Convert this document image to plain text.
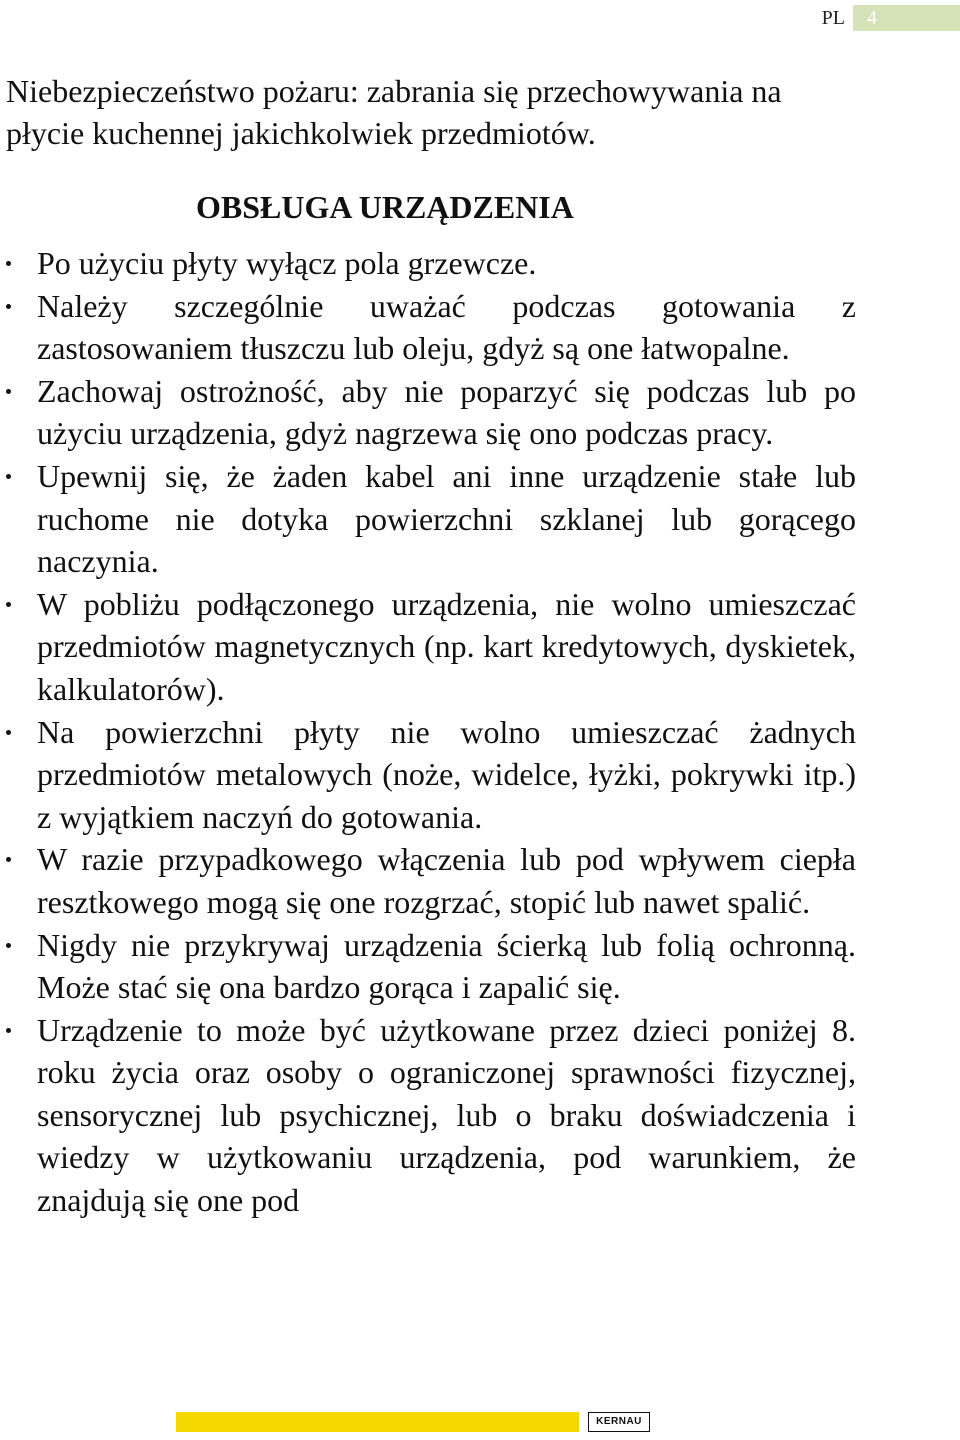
PL	4

Niebezpieczeństwo pożaru: zabrania się przechowywania na płycie kuchennej jakichkolwiek przedmiotów.

OBSŁUGA URZĄDZENIA
Po użyciu płyty wyłącz pola grzewcze.
Należy szczególnie uważać podczas gotowania z zastosowaniem tłuszczu lub oleju, gdyż są one łatwopalne.
Zachowaj ostrożność, aby nie poparzyć się podczas lub po użyciu urządzenia, gdyż nagrzewa się ono podczas pracy.
Upewnij się, że żaden kabel ani inne urządzenie stałe lub ruchome nie dotyka powierzchni szklanej lub gorącego naczynia.
W pobliżu podłączonego urządzenia, nie wolno umieszczać przedmiotów magnetycznych (np. kart kredytowych, dyskietek, kalkulatorów).
Na powierzchni płyty nie wolno umieszczać żadnych przedmiotów metalowych (noże, widelce, łyżki, pokrywki itp.) z wyjątkiem naczyń do gotowania.
W razie przypadkowego włączenia lub pod wpływem ciepła resztkowego mogą się one rozgrzać, stopić lub nawet spalić.
Nigdy nie przykrywaj urządzenia ścierką lub folią ochronną. Może stać się ona bardzo gorąca i zapalić się.
Urządzenie to może być użytkowane przez dzieci poniżej 8. roku życia oraz osoby o ograniczonej sprawności fizycznej, sensorycznej lub psychicznej, lub o braku doświadczenia i wiedzy w użytkowaniu urządzenia, pod warunkiem, że znajdują się one pod
KERNAU
